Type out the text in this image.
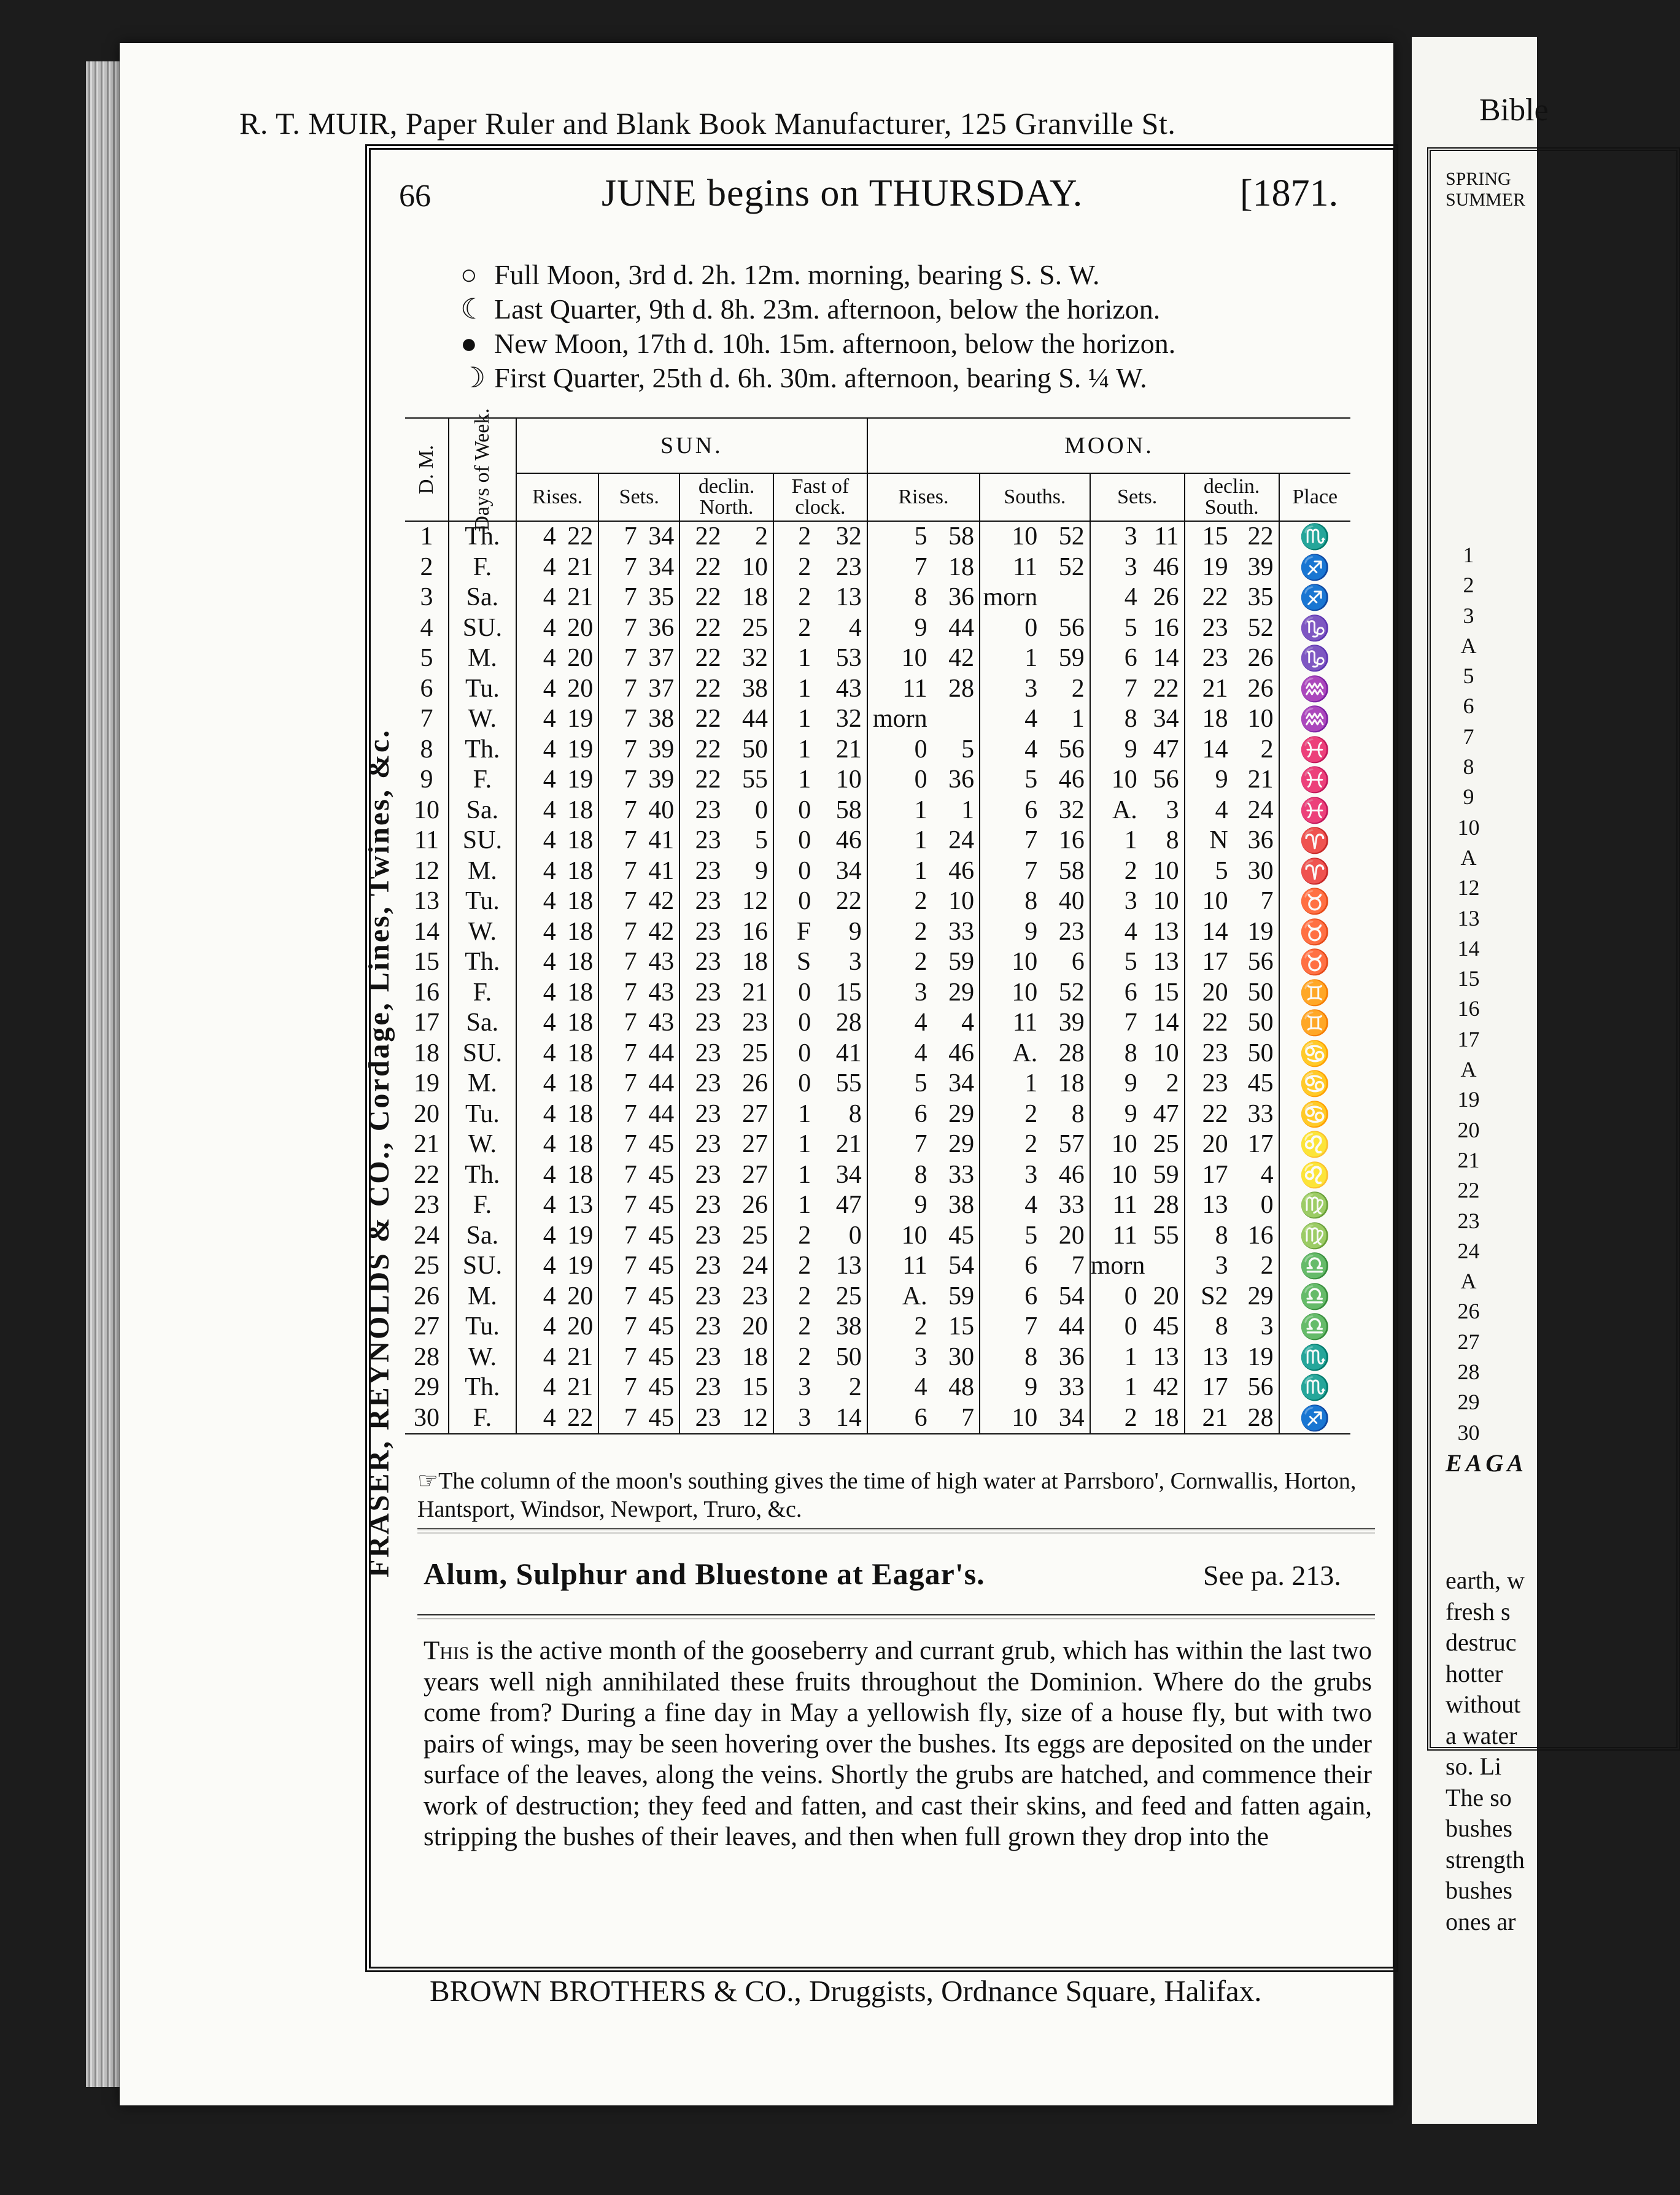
Bible
SPRING
SUMMER
1
2
3
A
5
6
7
8
9
10
A
12
13
14
15
16
17
A
19
20
21
22
23
24
A
26
27
28
29
30
EAGA
earth, w
fresh s
destruc
hotter
without
a water
so. Li
The so
bushes
strength
bushes
ones ar
R. T. MUIR, Paper Ruler and Blank Book Manufacturer, 125 Granville St.
FRASER, REYNOLDS & CO., Cordage, Lines, Twines, &c.
66	JUNE begins on THURSDAY.	[1871.
○ Full Moon, 3rd d. 2h. 12m. morning, bearing S. S. W.
☾ Last Quarter, 9th d. 8h. 23m. afternoon, below the horizon.
● New Moon, 17th d. 10h. 15m. afternoon, below the horizon.
☽ First Quarter, 25th d. 6h. 30m. afternoon, bearing S. ¼ W.
D. M.	Days of Week.	SUN.								MOON.								
		Rises.		Sets.		declin. North.		Fast of clock.		Rises.		Souths.		Sets.		declin. South.		Place
1	Th.	4	22	7	34	22	2	2	32	5	58	10	52	3	11	15	22	♏
2	F.	4	21	7	34	22	10	2	23	7	18	11	52	3	46	19	39	♐
3	Sa.	4	21	7	35	22	18	2	13	8	36	morn		4	26	22	35	♐
4	SU.	4	20	7	36	22	25	2	4	9	44	0	56	5	16	23	52	♑
5	M.	4	20	7	37	22	32	1	53	10	42	1	59	6	14	23	26	♑
6	Tu.	4	20	7	37	22	38	1	43	11	28	3	2	7	22	21	26	♒
7	W.	4	19	7	38	22	44	1	32	morn		4	1	8	34	18	10	♒
8	Th.	4	19	7	39	22	50	1	21	0	5	4	56	9	47	14	2	♓
9	F.	4	19	7	39	22	55	1	10	0	36	5	46	10	56	9	21	♓
10	Sa.	4	18	7	40	23	0	0	58	1	1	6	32	A.	3	4	24	♓
11	SU.	4	18	7	41	23	5	0	46	1	24	7	16	1	8	N	36	♈
12	M.	4	18	7	41	23	9	0	34	1	46	7	58	2	10	5	30	♈
13	Tu.	4	18	7	42	23	12	0	22	2	10	8	40	3	10	10	7	♉
14	W.	4	18	7	42	23	16	F	9	2	33	9	23	4	13	14	19	♉
15	Th.	4	18	7	43	23	18	S	3	2	59	10	6	5	13	17	56	♉
16	F.	4	18	7	43	23	21	0	15	3	29	10	52	6	15	20	50	♊
17	Sa.	4	18	7	43	23	23	0	28	4	4	11	39	7	14	22	50	♊
18	SU.	4	18	7	44	23	25	0	41	4	46	A.	28	8	10	23	50	♋
19	M.	4	18	7	44	23	26	0	55	5	34	1	18	9	2	23	45	♋
20	Tu.	4	18	7	44	23	27	1	8	6	29	2	8	9	47	22	33	♋
21	W.	4	18	7	45	23	27	1	21	7	29	2	57	10	25	20	17	♌
22	Th.	4	18	7	45	23	27	1	34	8	33	3	46	10	59	17	4	♌
23	F.	4	13	7	45	23	26	1	47	9	38	4	33	11	28	13	0	♍
24	Sa.	4	19	7	45	23	25	2	0	10	45	5	20	11	55	8	16	♍
25	SU.	4	19	7	45	23	24	2	13	11	54	6	7	morn		3	2	♎
26	M.	4	20	7	45	23	23	2	25	A.	59	6	54	0	20	S2	29	♎
27	Tu.	4	20	7	45	23	20	2	38	2	15	7	44	0	45	8	3	♎
28	W.	4	21	7	45	23	18	2	50	3	30	8	36	1	13	13	19	♏
29	Th.	4	21	7	45	23	15	3	2	4	48	9	33	1	42	17	56	♏
30	F.	4	22	7	45	23	12	3	14	6	7	10	34	2	18	21	28	♐
☞The column of the moon's southing gives the time of high water at Parrsboro', Cornwallis, Horton, Hantsport, Windsor, Newport, Truro, &c.
Alum, Sulphur and Bluestone at Eagar's.	See pa. 213.
This is the active month of the gooseberry and currant grub, which has within the last two years well nigh annihilated these fruits throughout the Dominion. Where do the grubs come from? During a fine day in May a yellowish fly, size of a house fly, but with two pairs of wings, may be seen hovering over the bushes. Its eggs are deposited on the under surface of the leaves, along the veins. Shortly the grubs are hatched, and commence their work of destruction; they feed and fatten, and cast their skins, and feed and fatten again, stripping the bushes of their leaves, and then when full grown they drop into the
BROWN BROTHERS & CO., Druggists, Ordnance Square, Halifax.
